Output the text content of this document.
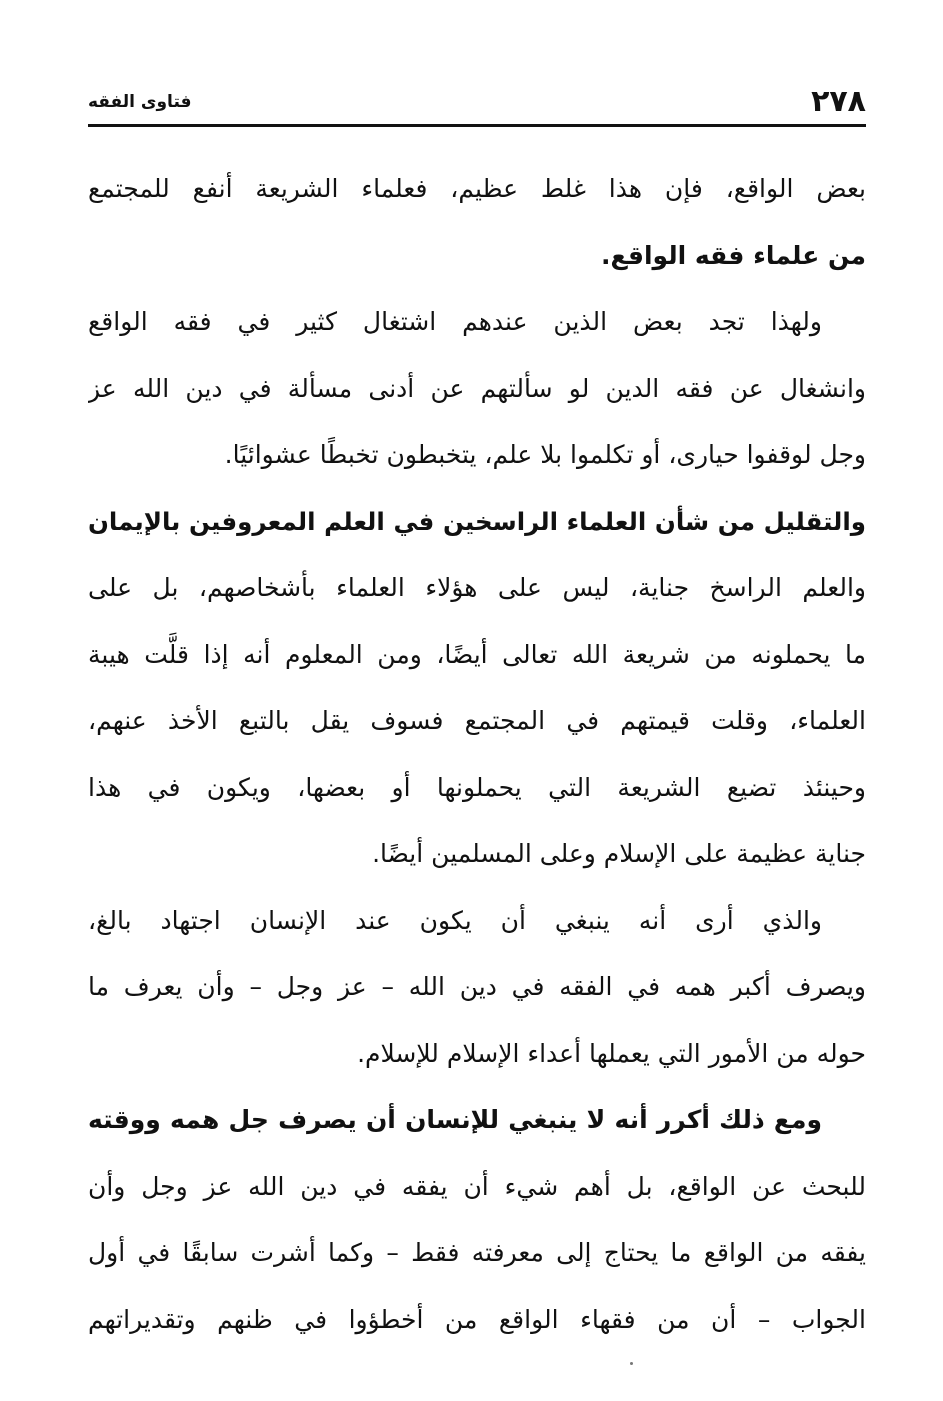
٢٧٨
فتاوى الفقه
بعض الواقع، فإن هذا غلط عظيم، فعلماء الشريعة أنفع للمجتمع
من علماء فقه الواقع.
ولهذا تجد بعض الذين عندهم اشتغال كثير في فقه الواقع
وانشغال عن فقه الدين لو سألتهم عن أدنى مسألة في دين الله عز
وجل لوقفوا حيارى، أو تكلموا بلا علم، يتخبطون تخبطًا عشوائيًا.
والتقليل من شأن العلماء الراسخين في العلم المعروفين بالإيمان
والعلم الراسخ جناية، ليس على هؤلاء العلماء بأشخاصهم، بل على
ما يحملونه من شريعة الله تعالى أيضًا، ومن المعلوم أنه إذا قلَّت هيبة
العلماء، وقلت قيمتهم في المجتمع فسوف يقل بالتبع الأخذ عنهم،
وحينئذ تضيع الشريعة التي يحملونها أو بعضها، ويكون في هذا
جناية عظيمة على الإسلام وعلى المسلمين أيضًا.
والذي أرى أنه ينبغي أن يكون عند الإنسان اجتهاد بالغ،
ويصرف أكبر همه في الفقه في دين الله – عز وجل – وأن يعرف ما
حوله من الأمور التي يعملها أعداء الإسلام للإسلام.
ومع ذلك أكرر أنه لا ينبغي للإنسان أن يصرف جل همه ووقته
للبحث عن الواقع، بل أهم شيء أن يفقه في دين الله عز وجل وأن
يفقه من الواقع ما يحتاج إلى معرفته فقط – وكما أشرت سابقًا في أول
الجواب – أن من فقهاء الواقع من أخطؤوا في ظنهم وتقديراتهم
